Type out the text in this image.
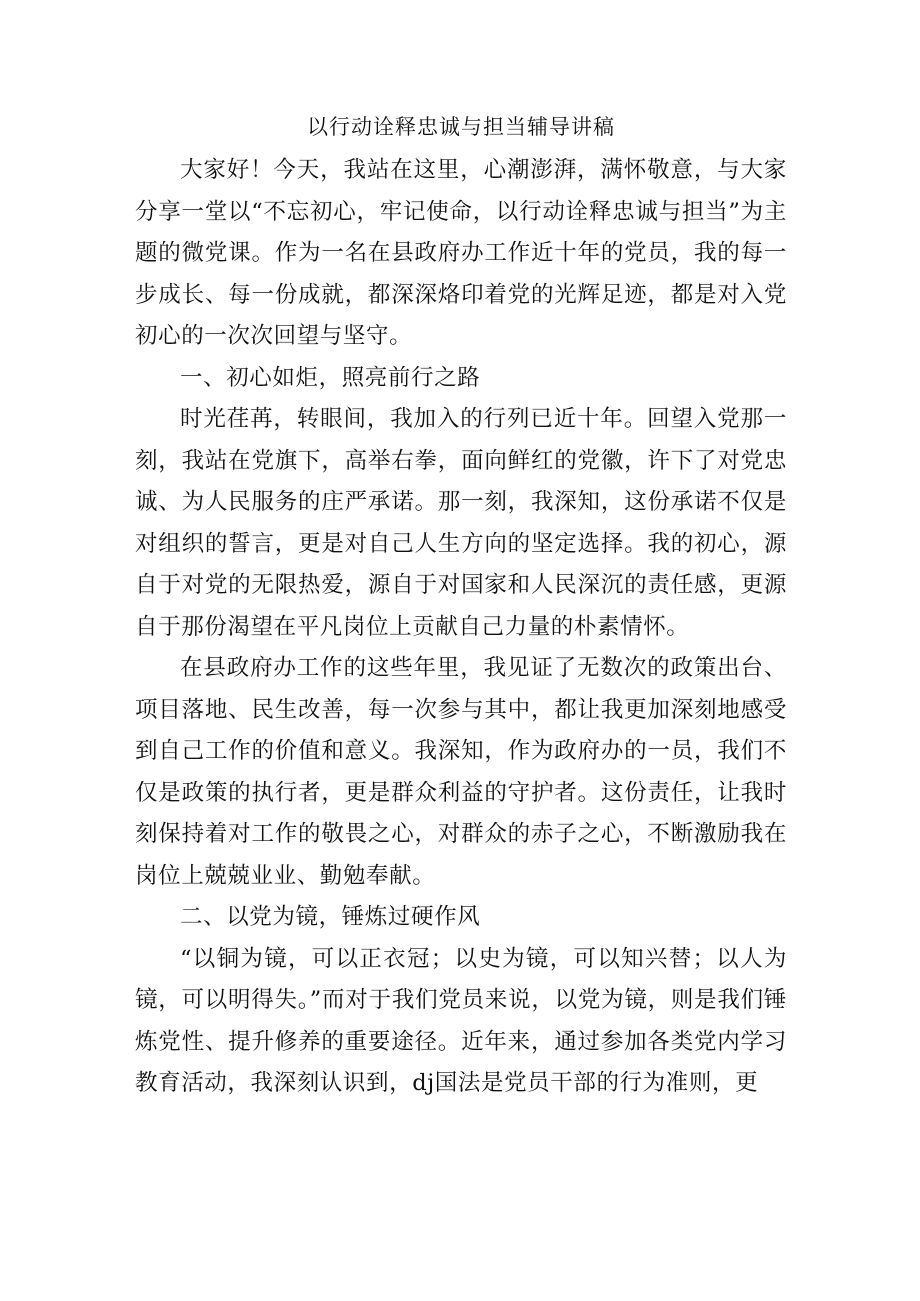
以行动诠释忠诚与担当辅导讲稿

大家好！今天，我站在这里，心潮澎湃，满怀敬意，与大家分享一堂以“不忘初心，牢记使命，以行动诠释忠诚与担当”为主题的微党课。作为一名在县政府办工作近十年的党员，我的每一步成长、每一份成就，都深深烙印着党的光辉足迹，都是对入党初心的一次次回望与坚守。

一、初心如炬，照亮前行之路

时光荏苒，转眼间，我加入的行列已近十年。回望入党那一刻，我站在党旗下，高举右拳，面向鲜红的党徽，许下了对党忠诚、为人民服务的庄严承诺。那一刻，我深知，这份承诺不仅是对组织的誓言，更是对自己人生方向的坚定选择。我的初心，源自于对党的无限热爱，源自于对国家和人民深沉的责任感，更源自于那份渴望在平凡岗位上贡献自己力量的朴素情怀。

在县政府办工作的这些年里，我见证了无数次的政策出台、项目落地、民生改善，每一次参与其中，都让我更加深刻地感受到自己工作的价值和意义。我深知，作为政府办的一员，我们不仅是政策的执行者，更是群众利益的守护者。这份责任，让我时刻保持着对工作的敬畏之心，对群众的赤子之心，不断激励我在岗位上兢兢业业、勤勉奉献。

二、以党为镜，锤炼过硬作风

“以铜为镜，可以正衣冠；以史为镜，可以知兴替；以人为镜，可以明得失。”而对于我们党员来说，以党为镜，则是我们锤炼党性、提升修养的重要途径。近年来，通过参加各类党内学习教育活动，我深刻认识到，dj国法是党员干部的行为准则，更
